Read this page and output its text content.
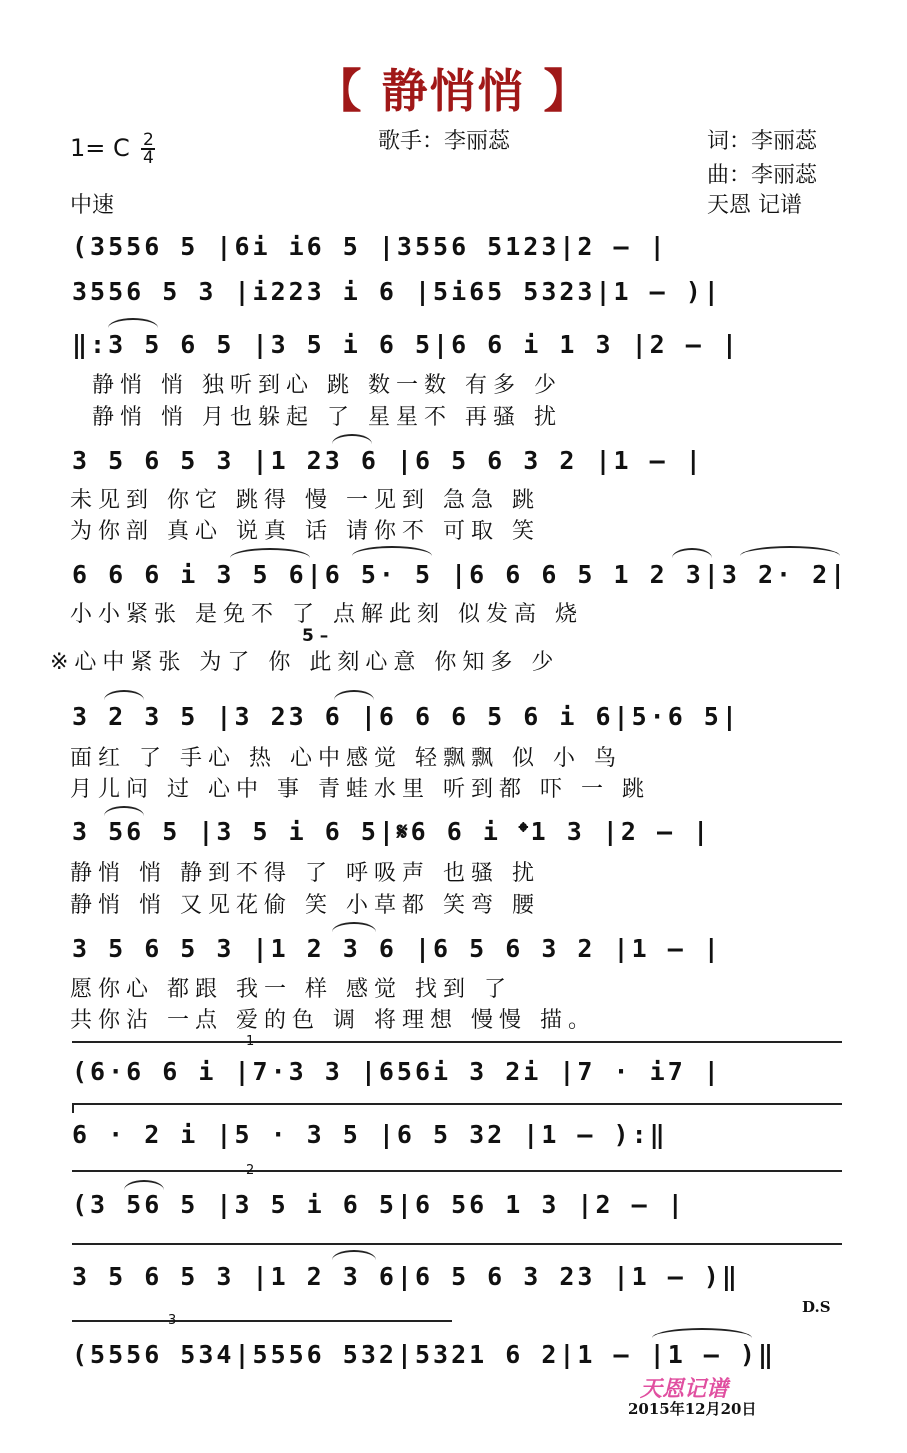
【 静悄悄 】
1= C $\frac{2}{4}$	歌手：李丽蕊	词：李丽蕊
曲：李丽蕊
中速	天恩 记谱
(3556 5 |6i i6 5 |3556 5123|2 – |
3556 5 3 |i223 i 6 |5i65 5323|1 – )|
‖:3 5 6 5 |3 5 i 6 5|6 6 i 1 3 |2 – |
静悄 悄 独听到心 跳 数一数 有多 少
静悄 悄 月也躲起 了 星星不 再骚 扰
3 5 6 5 3 |1 23 6 |6 5 6 3 2 |1 – |
未见到 你它 跳得 慢 一见到 急急 跳
为你剖 真心 说真 话 请你不 可取 笑
6 6 6 i 3 5 6|6 5· 5 |6 6 6 5 1 2 3|3 2· 2|
小小紧张 是免不 了 点解此刻 似发高 烧
5 –
※心中紧张 为了 你 此刻心意 你知多 少
3 2 3 5 |3 23 6 |6 6 6 5 6 i 6|5·6 5|
面红 了 手心 热 心中感觉 轻飘飘 似 小 鸟
月儿问 过 心中 事 青蛙水里 听到都 吓 一 跳
3 56 5 |3 5 i 6 5|𝄋6 6 i 𝄌1 3 |2 – |
静悄 悄 静到不得 了 呼吸声 也骚 扰
静悄 悄 又见花偷 笑 小草都 笑弯 腰
3 5 6 5 3 |1 2 3 6 |6 5 6 3 2 |1 – |
愿你心 都跟 我一 样 感觉 找到 了
共你沾 一点 爱的色 调 将理想 慢慢 描。
1
(6·6 6 i |7·3 3 |656i 3 2i |7 · i7 |
6 · 2 i |5 · 3 5 |6 5 32 |1 – ):‖
2
(3 56 5 |3 5 i 6 5|6 56 1 3 |2 – |
3 5 6 5 3 |1 2 3 6|6 5 6 3 23 |1 – )‖
D.S
3
(5556 534|5556 532|5321 6 2|1 – |1 – )‖
天恩记谱
2015年12月20日
